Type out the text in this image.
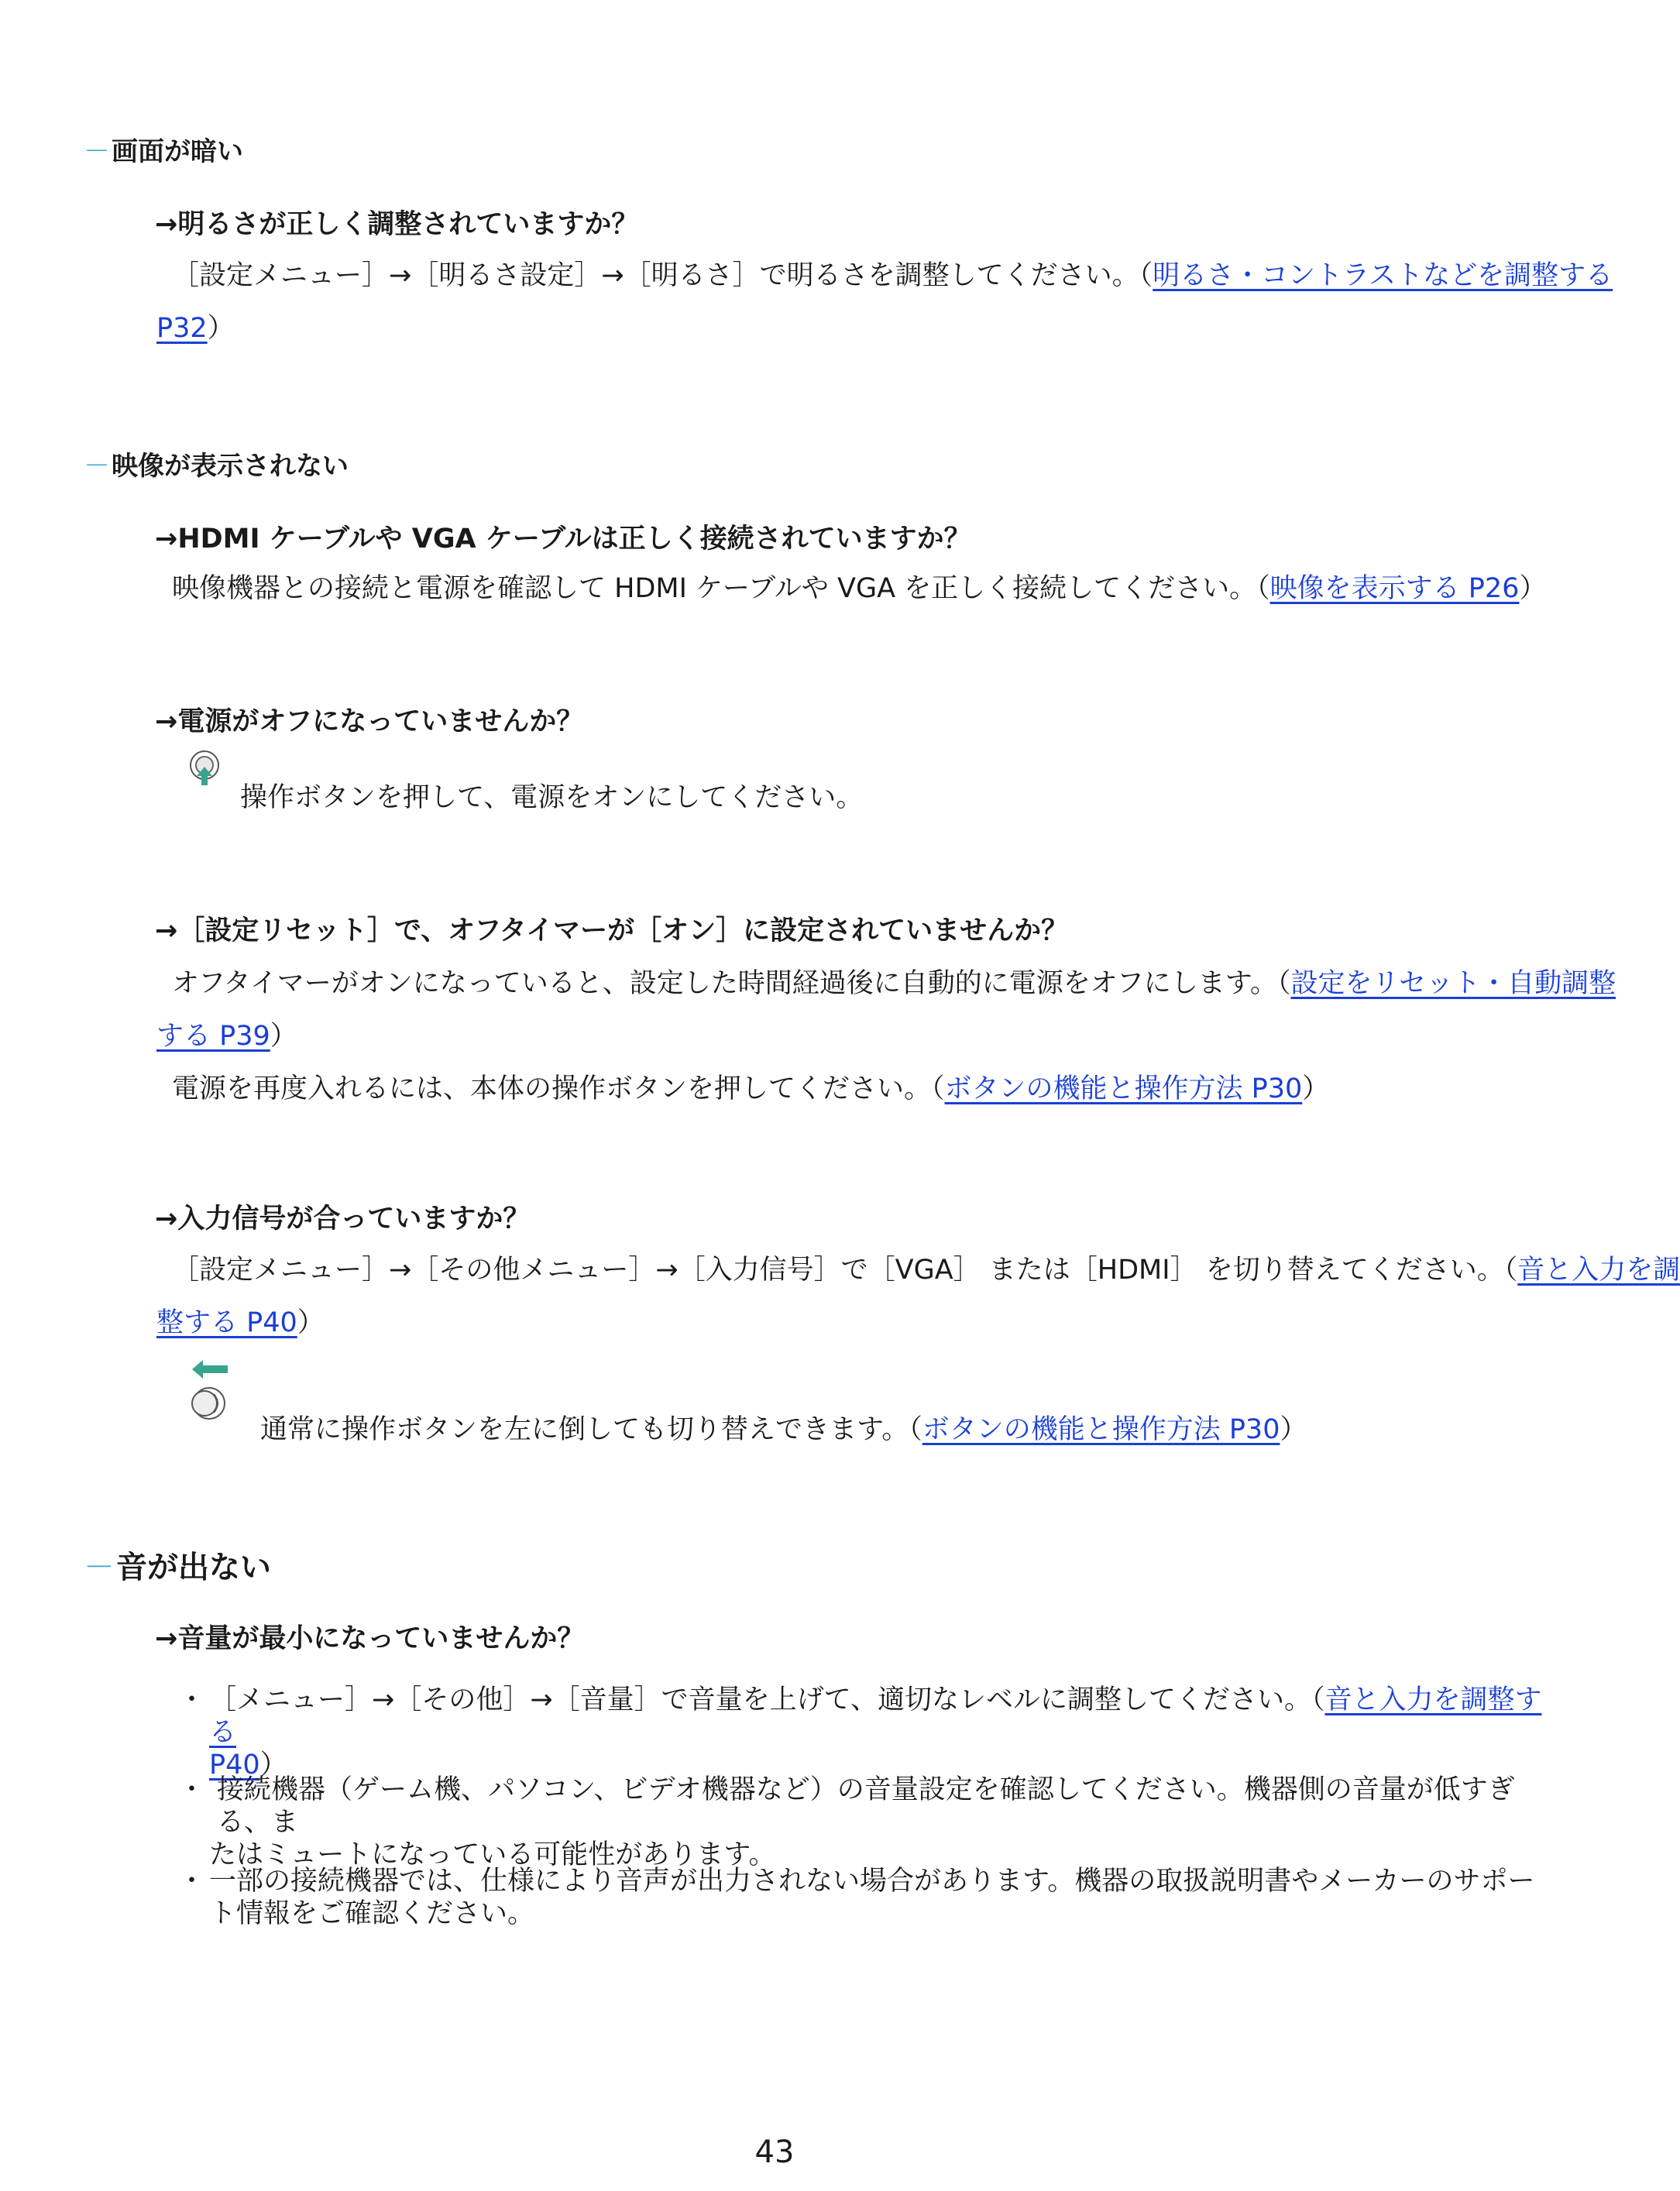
－画面が暗い
→明るさが正しく調整されていますか？
［設定メニュー］→［明るさ設定］→［明るさ］で明るさを調整してください。（明るさ・コントラストなどを調整する
P32）
－映像が表示されない
→HDMI ケーブルや VGA ケーブルは正しく接続されていますか？
映像機器との接続と電源を確認して HDMI ケーブルや VGA を正しく接続してください。（映像を表示する P26）
→電源がオフになっていませんか？
操作ボタンを押して、電源をオンにしてください。
→［設定リセット］で、オフタイマーが［オン］に設定されていませんか？
オフタイマーがオンになっていると、設定した時間経過後に自動的に電源をオフにします。（設定をリセット・自動調整
する P39）
電源を再度入れるには、本体の操作ボタンを押してください。（ボタンの機能と操作方法 P30）
→入力信号が合っていますか？
［設定メニュー］→［その他メニュー］→［入力信号］で［VGA］ または［HDMI］ を切り替えてください。（音と入力を調
整する P40）
通常に操作ボタンを左に倒しても切り替えできます。（ボタンの機能と操作方法 P30）
－音が出ない
→音量が最小になっていませんか？
・ ［メニュー］→［その他］→［音量］で音量を上げて、適切なレベルに調整してください。（音と入力を調整する
P40）
・ 接続機器（ゲーム機、パソコン、ビデオ機器など）の音量設定を確認してください。機器側の音量が低すぎる、ま
たはミュートになっている可能性があります。
・ 一部の接続機器では、仕様により音声が出力されない場合があります。機器の取扱説明書やメーカーのサポー
ト情報をご確認ください。
43
